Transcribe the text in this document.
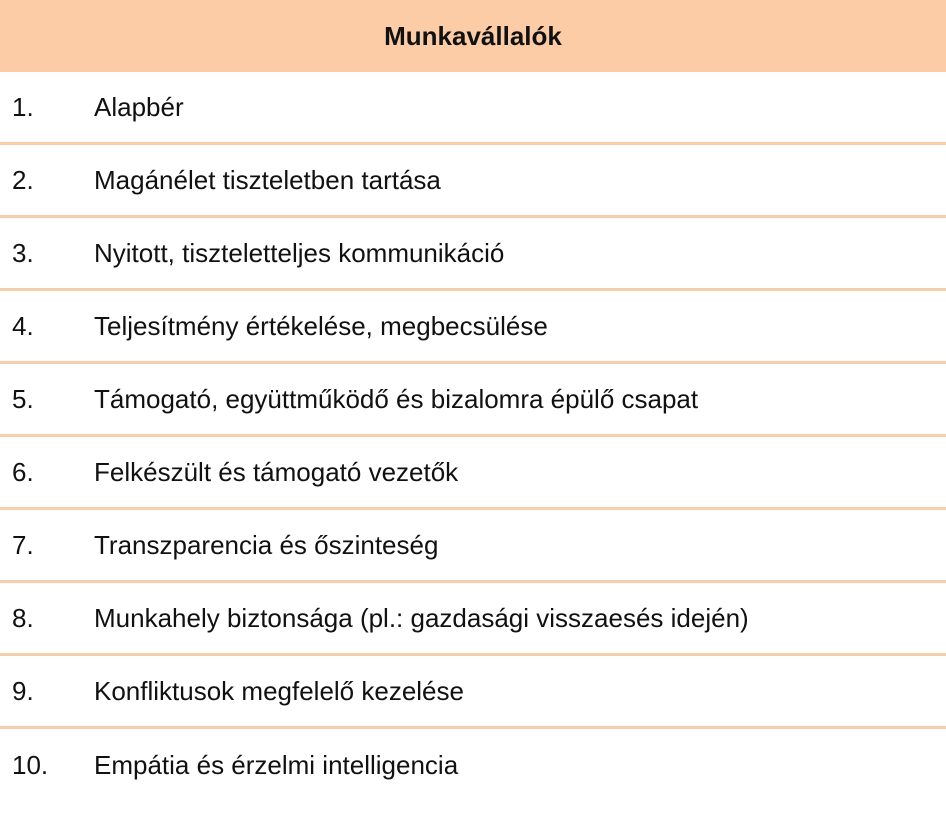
Munkavállalók
1.	Alapbér
2.	Magánélet tiszteletben tartása
3.	Nyitott, tiszteletteljes kommunikáció
4.	Teljesítmény értékelése, megbecsülése
5.	Támogató, együttműködő és bizalomra épülő csapat
6.	Felkészült és támogató vezetők
7.	Transzparencia és őszinteség
8.	Munkahely biztonsága (pl.: gazdasági visszaesés idején)
9.	Konfliktusok megfelelő kezelése
10.	Empátia és érzelmi intelligencia
